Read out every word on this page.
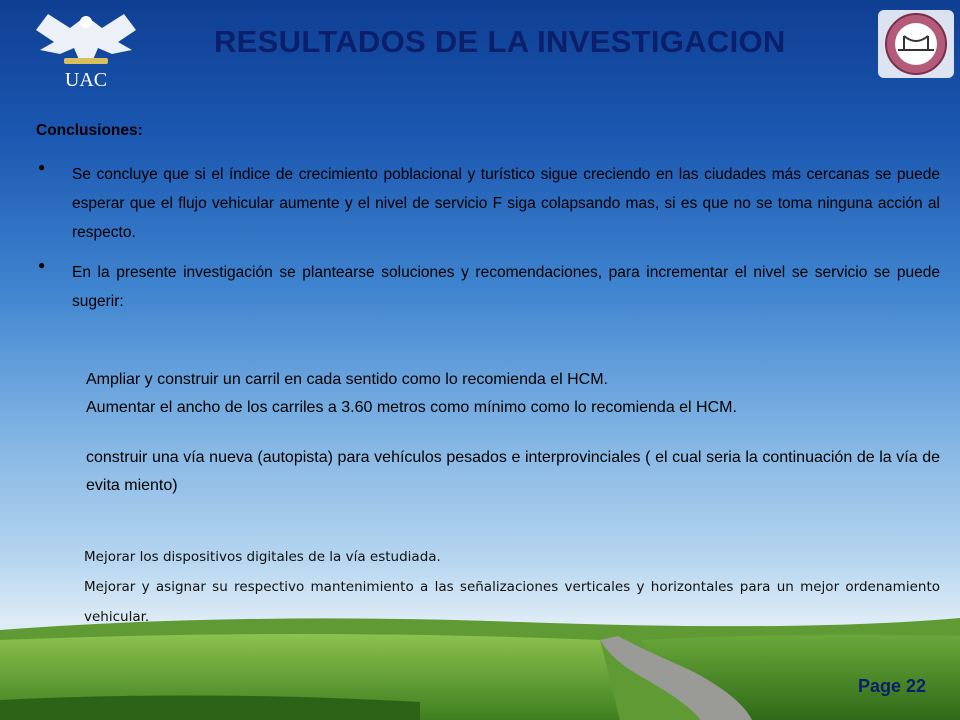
UAC
RESULTADOS DE LA INVESTIGACION
Conclusiones:
● Se concluye que si el índice de crecimiento poblacional y turístico sigue creciendo en las ciudades más cercanas se puede esperar que el flujo vehicular aumente y el nivel de servicio F siga colapsando mas, si es que no se toma ninguna acción al respecto.
● En la presente investigación se plantearse soluciones y recomendaciones, para incrementar el nivel se servicio se puede sugerir:
Ampliar y construir un carril en cada sentido como lo recomienda el HCM.
Aumentar el ancho de los carriles a 3.60 metros como mínimo como lo recomienda el HCM.
construir una vía nueva (autopista) para vehículos pesados e interprovinciales ( el cual seria la continuación de la vía de evita miento)
Mejorar los dispositivos digitales de la vía estudiada.
Mejorar y asignar su respectivo mantenimiento a las señalizaciones verticales y horizontales para un mejor ordenamiento vehicular.
Page 22
